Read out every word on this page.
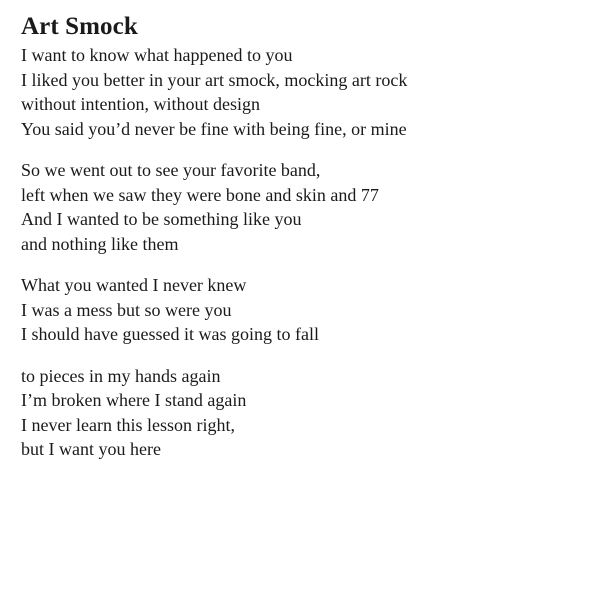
Art Smock
I want to know what happened to you
I liked you better in your art smock, mocking art rock
without intention, without design
You said you’d never be fine with being fine, or mine
So we went out to see your favorite band,
left when we saw they were bone and skin and 77
And I wanted to be something like you
and nothing like them
What you wanted I never knew
I was a mess but so were you
I should have guessed it was going to fall
to pieces in my hands again
I’m broken where I stand again
I never learn this lesson right,
but I want you here
